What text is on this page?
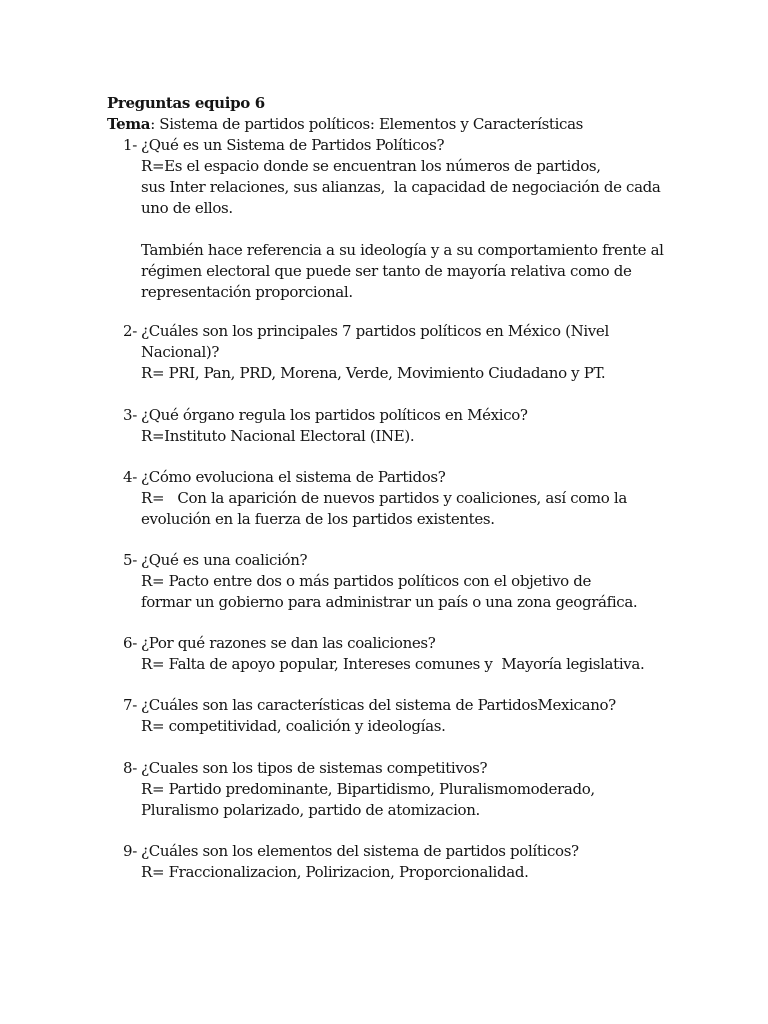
Preguntas equipo 6
Tema: Sistema de partidos políticos: Elementos y Características
1- ¿Qué es un Sistema de Partidos Políticos?
R=Es el espacio donde se encuentran los números de partidos,
sus Inter relaciones, sus alianzas,  la capacidad de negociación de cada
uno de ellos.
También hace referencia a su ideología y a su comportamiento frente al
régimen electoral que puede ser tanto de mayoría relativa como de
representación proporcional.
2- ¿Cuáles son los principales 7 partidos políticos en México (Nivel
Nacional)?
R= PRI, Pan, PRD, Morena, Verde, Movimiento Ciudadano y PT.
3- ¿Qué órgano regula los partidos políticos en México?
R=Instituto Nacional Electoral (INE).
4- ¿Cómo evoluciona el sistema de Partidos?
R=   Con la aparición de nuevos partidos y coaliciones, así como la
evolución en la fuerza de los partidos existentes.
5- ¿Qué es una coalición?
R= Pacto entre dos o más partidos políticos con el objetivo de
formar un gobierno para administrar un país o una zona geográfica.
6- ¿Por qué razones se dan las coaliciones?
R= Falta de apoyo popular, Intereses comunes y  Mayoría legislativa.
7- ¿Cuáles son las características del sistema de PartidosMexicano?
R= competitividad, coalición y ideologías.
8- ¿Cuales son los tipos de sistemas competitivos?
R= Partido predominante, Bipartidismo, Pluralismomoderado,
Pluralismo polarizado, partido de atomizacion.
9- ¿Cuáles son los elementos del sistema de partidos políticos?
R= Fraccionalizacion, Polirizacion, Proporcionalidad.
